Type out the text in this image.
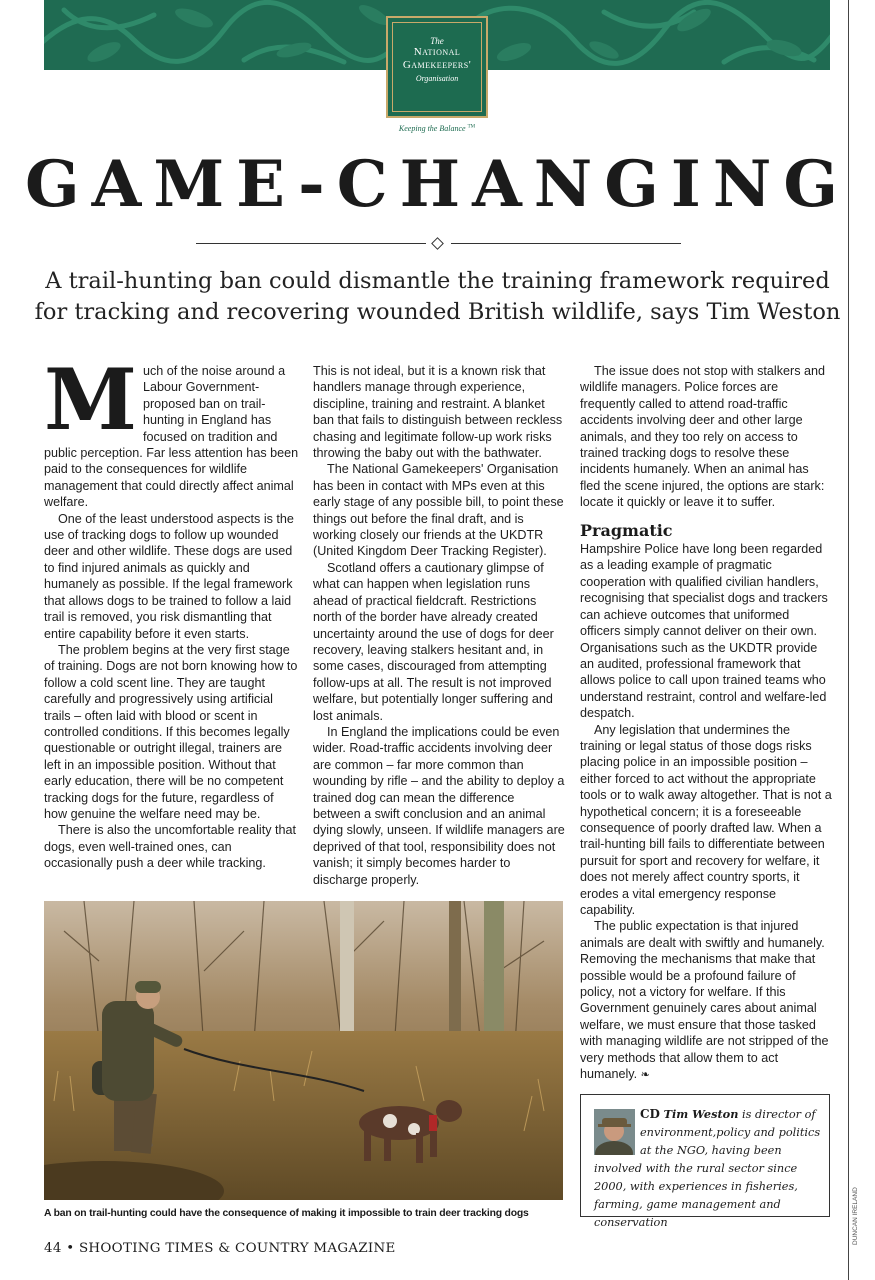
The
National
Gamekeepers'
Organisation
Keeping the Balance ™
GAME-CHANGING
A trail-hunting ban could dismantle the training framework required for tracking and recovering wounded British wildlife, says Tim Weston
M uch of the noise around a Labour Government-proposed ban on trail-hunting in England has focused on tradition and public perception. Far less attention has been paid to the consequences for wildlife management that could directly affect animal welfare.

One of the least understood aspects is the use of tracking dogs to follow up wounded deer and other wildlife. These dogs are used to find injured animals as quickly and humanely as possible. If the legal framework that allows dogs to be trained to follow a laid trail is removed, you risk dismantling that entire capability before it even starts.

The problem begins at the very first stage of training. Dogs are not born knowing how to follow a cold scent line. They are taught carefully and progressively using artificial trails – often laid with blood or scent in controlled conditions. If this becomes legally questionable or outright illegal, trainers are left in an impossible position. Without that early education, there will be no competent tracking dogs for the future, regardless of how genuine the welfare need may be.

There is also the uncomfortable reality that dogs, even well-trained ones, can occasionally push a deer while tracking.

This is not ideal, but it is a known risk that handlers manage through experience, discipline, training and restraint. A blanket ban that fails to distinguish between reckless chasing and legitimate follow-up work risks throwing the baby out with the bathwater.

The National Gamekeepers' Organisation has been in contact with MPs even at this early stage of any possible bill, to point these things out before the final draft, and is working closely our friends at the UKDTR (United Kingdom Deer Tracking Register).

Scotland offers a cautionary glimpse of what can happen when legislation runs ahead of practical fieldcraft. Restrictions north of the border have already created uncertainty around the use of dogs for deer recovery, leaving stalkers hesitant and, in some cases, discouraged from attempting follow-ups at all. The result is not improved welfare, but potentially longer suffering and lost animals.

In England the implications could be even wider. Road-traffic accidents involving deer are common – far more common than wounding by rifle – and the ability to deploy a trained dog can mean the difference between a swift conclusion and an animal dying slowly, unseen. If wildlife managers are deprived of that tool, responsibility does not vanish; it simply becomes harder to discharge properly.

The issue does not stop with stalkers and wildlife managers. Police forces are frequently called to attend road-traffic accidents involving deer and other large animals, and they too rely on access to trained tracking dogs to resolve these incidents humanely. When an animal has fled the scene injured, the options are stark: locate it quickly or leave it to suffer.

Pragmatic

Hampshire Police have long been regarded as a leading example of pragmatic cooperation with qualified civilian handlers, recognising that specialist dogs and trackers can achieve outcomes that uniformed officers simply cannot deliver on their own. Organisations such as the UKDTR provide an audited, professional framework that allows police to call upon trained teams who understand restraint, control and welfare-led despatch.

Any legislation that undermines the training or legal status of those dogs risks placing police in an impossible position – either forced to act without the appropriate tools or to walk away altogether. That is not a hypothetical concern; it is a foreseeable consequence of poorly drafted law. When a trail-hunting bill fails to differentiate between pursuit for sport and recovery for welfare, it does not merely affect country sports, it erodes a vital emergency response capability.

The public expectation is that injured animals are dealt with swiftly and humanely. Removing the mechanisms that make that possible would be a profound failure of policy, not a victory for welfare. If this Government genuinely cares about animal welfare, we must ensure that those tasked with managing wildlife are not stripped of the very methods that allow them to act humanely. ❧

A ban on trail-hunting could have the consequence of making it impossible to train deer tracking dogs
CD Tim Weston is director of environment,policy and politics at the NGO, having been involved with the rural sector since 2000, with experiences in fisheries, farming, game management and conservation
44 • SHOOTING TIMES & COUNTRY MAGAZINE
DUNCAN IRELAND
